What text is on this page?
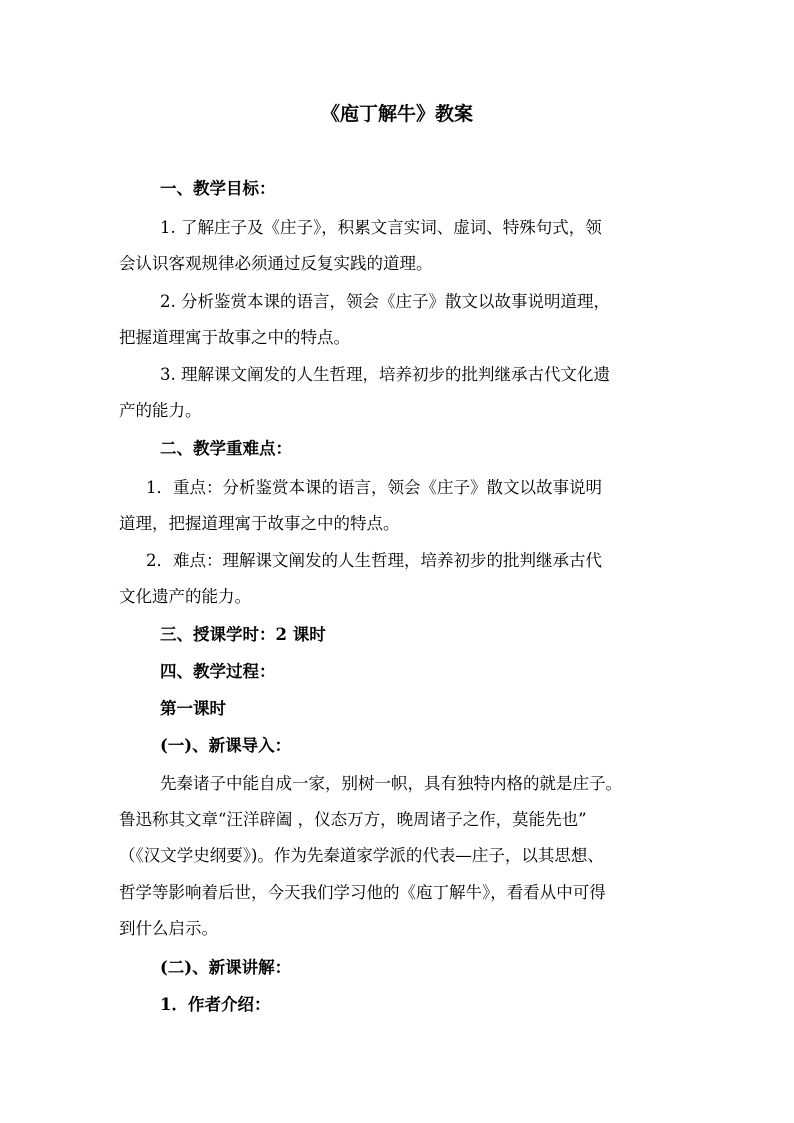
《庖丁解牛》教案
一、教学目标：
1. 了解庄子及《庄子》，积累文言实词、虚词、特殊句式，领
会认识客观规律必须通过反复实践的道理。
2. 分析鉴赏本课的语言，领会《庄子》散文以故事说明道理，
把握道理寓于故事之中的特点。
3. 理解课文阐发的人生哲理，培养初步的批判继承古代文化遗
产的能力。
二、教学重难点：
1．重点：分析鉴赏本课的语言，领会《庄子》散文以故事说明
道理，把握道理寓于故事之中的特点。
2．难点：理解课文阐发的人生哲理，培养初步的批判继承古代
文化遗产的能力。
三、授课学时：2 课时
四、教学过程：
第一课时
(一)、新课导入：
先秦诸子中能自成一家，别树一帜，具有独特内格的就是庄子。
鲁迅称其文章“汪洋辟阖 ，仪态万方，晚周诸子之作，莫能先也”
（《汉文学史纲要》)。作为先秦道家学派的代表—庄子，以其思想、
哲学等影响着后世，今天我们学习他的《庖丁解牛》，看看从中可得
到什么启示。
(二)、新课讲解：
1．作者介绍：
